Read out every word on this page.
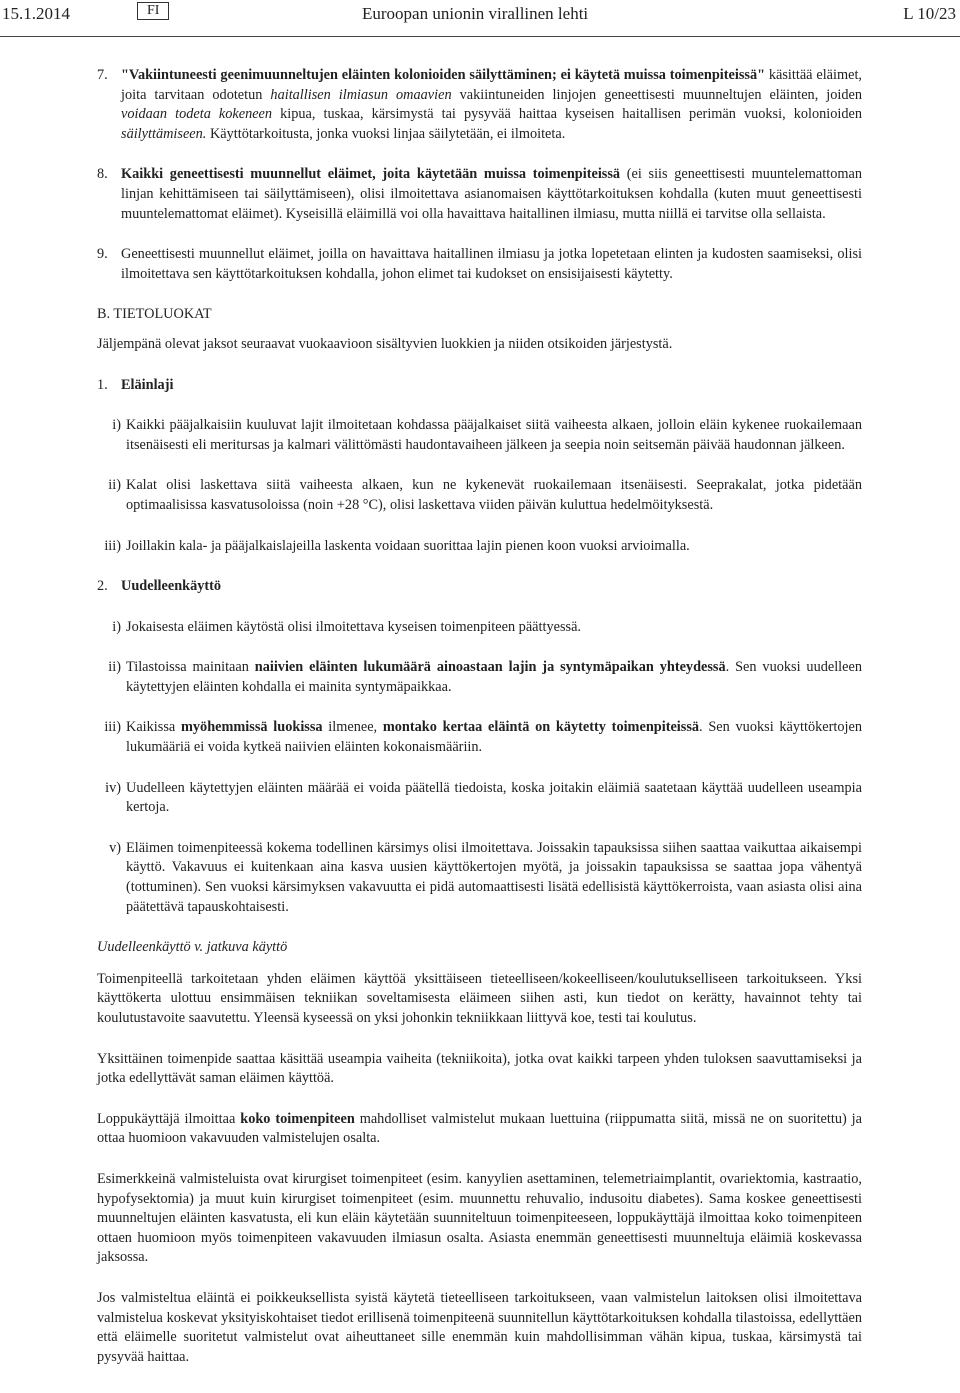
15.1.2014	FI	Euroopan unionin virallinen lehti	L 10/23
7. "Vakiintuneesti geenimuunneltujen eläinten kolonioiden säilyttäminen; ei käytetä muissa toimenpiteissä" käsittää eläimet, joita tarvitaan odotetun haitallisen ilmiasun omaavien vakiintuneiden linjojen geneettisesti muunneltujen eläinten, joiden voidaan todeta kokeneen kipua, tuskaa, kärsimystä tai pysyvää haittaa kyseisen haitallisen perimän vuoksi, kolonioiden säilyttämiseen. Käyttötarkoitusta, jonka vuoksi linjaa säilytetään, ei ilmoiteta.

8. Kaikki geneettisesti muunnellut eläimet, joita käytetään muissa toimenpiteissä (ei siis geneettisesti muuntelemattoman linjan kehittämiseen tai säilyttämiseen), olisi ilmoitettava asianomaisen käyttötarkoituksen kohdalla (kuten muut geneettisesti muuntelemattomat eläimet). Kyseisillä eläimillä voi olla havaittava haitallinen ilmiasu, mutta niillä ei tarvitse olla sellaista.

9. Geneettisesti muunnellut eläimet, joilla on havaittava haitallinen ilmiasu ja jotka lopetetaan elinten ja kudosten saamiseksi, olisi ilmoitettava sen käyttötarkoituksen kohdalla, johon elimet tai kudokset on ensisijaisesti käytetty.

B. TIETOLUOKAT

Jäljempänä olevat jaksot seuraavat vuokaavioon sisältyvien luokkien ja niiden otsikoiden järjestystä.

1. Eläinlaji
i) Kaikki pääjalkaisiin kuuluvat lajit ilmoitetaan kohdassa pääjalkaiset siitä vaiheesta alkaen, jolloin eläin kykenee ruokailemaan itsenäisesti eli meritursas ja kalmari välittömästi haudontavaiheen jälkeen ja seepia noin seitsemän päivää haudonnan jälkeen.

ii) Kalat olisi laskettava siitä vaiheesta alkaen, kun ne kykenevät ruokailemaan itsenäisesti. Seeprakalat, jotka pidetään optimaalisissa kasvatusoloissa (noin +28 °C), olisi laskettava viiden päivän kuluttua hedelmöityksestä.

iii) Joillakin kala- ja pääjalkaislajeilla laskenta voidaan suorittaa lajin pienen koon vuoksi arvioimalla.

2. Uudelleenkäyttö
i) Jokaisesta eläimen käytöstä olisi ilmoitettava kyseisen toimenpiteen päättyessä.

ii) Tilastoissa mainitaan naiivien eläinten lukumäärä ainoastaan lajin ja syntymäpaikan yhteydessä. Sen vuoksi uudelleen käytettyjen eläinten kohdalla ei mainita syntymäpaikkaa.

iii) Kaikissa myöhemmissä luokissa ilmenee, montako kertaa eläintä on käytetty toimenpiteissä. Sen vuoksi käyttökertojen lukumääriä ei voida kytkeä naiivien eläinten kokonaismääriin.

iv) Uudelleen käytettyjen eläinten määrää ei voida päätellä tiedoista, koska joitakin eläimiä saatetaan käyttää uudelleen useampia kertoja.

v) Eläimen toimenpiteessä kokema todellinen kärsimys olisi ilmoitettava. Joissakin tapauksissa siihen saattaa vaikuttaa aikaisempi käyttö. Vakavuus ei kuitenkaan aina kasva uusien käyttökertojen myötä, ja joissakin tapauksissa se saattaa jopa vähentyä (tottuminen). Sen vuoksi kärsimyksen vakavuutta ei pidä automaattisesti lisätä edellisistä käyttökerroista, vaan asiasta olisi aina päätettävä tapauskohtaisesti.

Uudelleenkäyttö v. jatkuva käyttö

Toimenpiteellä tarkoitetaan yhden eläimen käyttöä yksittäiseen tieteelliseen/kokeelliseen/koulutukselliseen tarkoitukseen. Yksi käyttökerta ulottuu ensimmäisen tekniikan soveltamisesta eläimeen siihen asti, kun tiedot on kerätty, havainnot tehty tai koulutustavoite saavutettu. Yleensä kyseessä on yksi johonkin tekniikkaan liittyvä koe, testi tai koulutus.

Yksittäinen toimenpide saattaa käsittää useampia vaiheita (tekniikoita), jotka ovat kaikki tarpeen yhden tuloksen saavuttamiseksi ja jotka edellyttävät saman eläimen käyttöä.

Loppukäyttäjä ilmoittaa koko toimenpiteen mahdolliset valmistelut mukaan luettuina (riippumatta siitä, missä ne on suoritettu) ja ottaa huomioon vakavuuden valmistelujen osalta.

Esimerkkeinä valmisteluista ovat kirurgiset toimenpiteet (esim. kanyylien asettaminen, telemetriaimplantit, ovariektomia, kastraatio, hypofysektomia) ja muut kuin kirurgiset toimenpiteet (esim. muunnettu rehuvalio, indusoitu diabetes). Sama koskee geneettisesti muunneltujen eläinten kasvatusta, eli kun eläin käytetään suunniteltuun toimenpiteeseen, loppukäyttäjä ilmoittaa koko toimenpiteen ottaen huomioon myös toimenpiteen vakavuuden ilmiasun osalta. Asiasta enemmän geneettisesti muunneltuja eläimiä koskevassa jaksossa.

Jos valmisteltua eläintä ei poikkeuksellista syistä käytetä tieteelliseen tarkoitukseen, vaan valmistelun laitoksen olisi ilmoitettava valmistelua koskevat yksityiskohtaiset tiedot erillisenä toimenpiteenä suunnitellun käyttötarkoituksen kohdalla tilastoissa, edellyttäen että eläimelle suoritetut valmistelut ovat aiheuttaneet sille enemmän kuin mahdollisimman vähän kipua, tuskaa, kärsimystä tai pysyvää haittaa.
